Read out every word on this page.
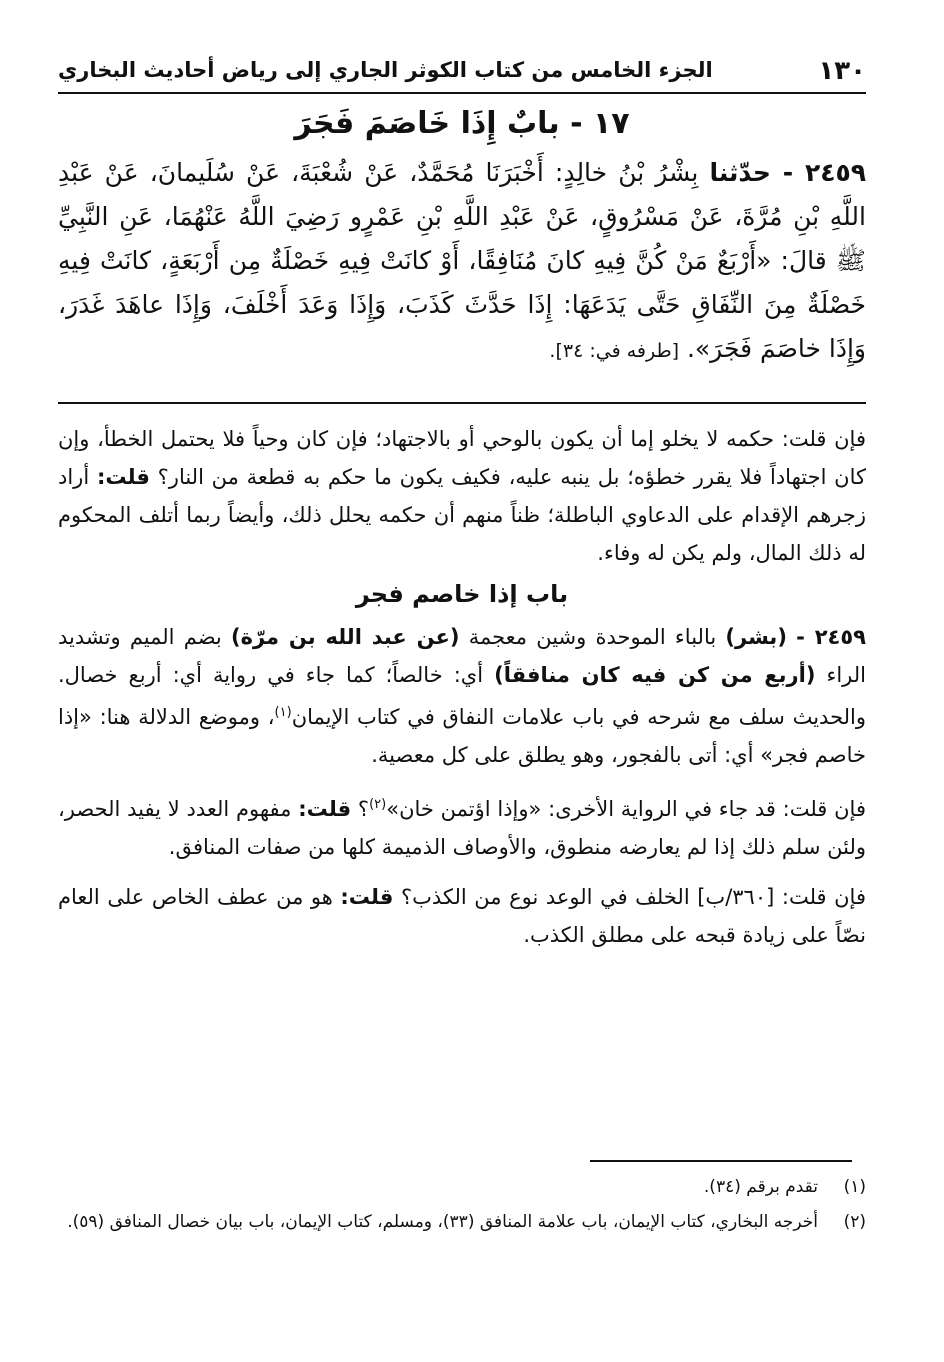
١٣٠
الجزء الخامس من كتاب الكوثر الجاري إلى رياض أحاديث البخاري
١٧ - بابٌ إِذَا خَاصَمَ فَجَرَ

٢٤٥٩ - حدّثنا بِشْرُ بْنُ خالِدٍ: أَخْبَرَنَا مُحَمَّدٌ، عَنْ شُعْبَةَ، عَنْ سُلَيمانَ، عَنْ عَبْدِ اللَّهِ بْنِ مُرَّةَ، عَنْ مَسْرُوقٍ، عَنْ عَبْدِ اللَّهِ بْنِ عَمْرٍو رَضِيَ اللَّهُ عَنْهُمَا، عَنِ النَّبِيِّ ﷺ قالَ: «أَرْبَعٌ مَنْ كُنَّ فِيهِ كانَ مُنَافِقًا، أَوْ كانَتْ فِيهِ خَصْلَةٌ مِن أَرْبَعَةٍ، كانَتْ فِيهِ خَصْلَةٌ مِنَ النِّفَاقِ حَتَّى يَدَعَهَا: إِذَا حَدَّثَ كَذَبَ، وَإِذَا وَعَدَ أَخْلَفَ، وَإِذَا عاهَدَ غَدَرَ، وَإِذَا خاصَمَ فَجَرَ». [طرفه في: ٣٤].

فإن قلت: حكمه لا يخلو إما أن يكون بالوحي أو بالاجتهاد؛ فإن كان وحياً فلا يحتمل الخطأ، وإن كان اجتهاداً فلا يقرر خطؤه؛ بل ينبه عليه، فكيف يكون ما حكم به قطعة من النار؟ قلت: أراد زجرهم الإقدام على الدعاوي الباطلة؛ ظناً منهم أن حكمه يحلل ذلك، وأيضاً ربما أتلف المحكوم له ذلك المال، ولم يكن له وفاء.

باب إذا خاصم فجر

٢٤٥٩ - (بشر) بالباء الموحدة وشين معجمة (عن عبد الله بن مرّة) بضم الميم وتشديد الراء (أربع من كن فيه كان منافقاً) أي: خالصاً؛ كما جاء في رواية أي: أربع خصال. والحديث سلف مع شرحه في باب علامات النفاق في كتاب الإيمان$^{(١)}$، وموضع الدلالة هنا: «إذا خاصم فجر» أي: أتى بالفجور، وهو يطلق على كل معصية.

فإن قلت: قد جاء في الرواية الأخرى: «وإذا اؤتمن خان»$^{(٢)}$؟ قلت: مفهوم العدد لا يفيد الحصر، ولئن سلم ذلك إذا لم يعارضه منطوق، والأوصاف الذميمة كلها من صفات المنافق.

فإن قلت: [٣٦٠/ب] الخلف في الوعد نوع من الكذب؟ قلت: هو من عطف الخاص على العام نصّاً على زيادة قبحه على مطلق الكذب.

(١)
تقدم برقم (٣٤).

(٢)
أخرجه البخاري، كتاب الإيمان، باب علامة المنافق (٣٣)، ومسلم، كتاب الإيمان، باب بيان خصال المنافق (٥٩).
